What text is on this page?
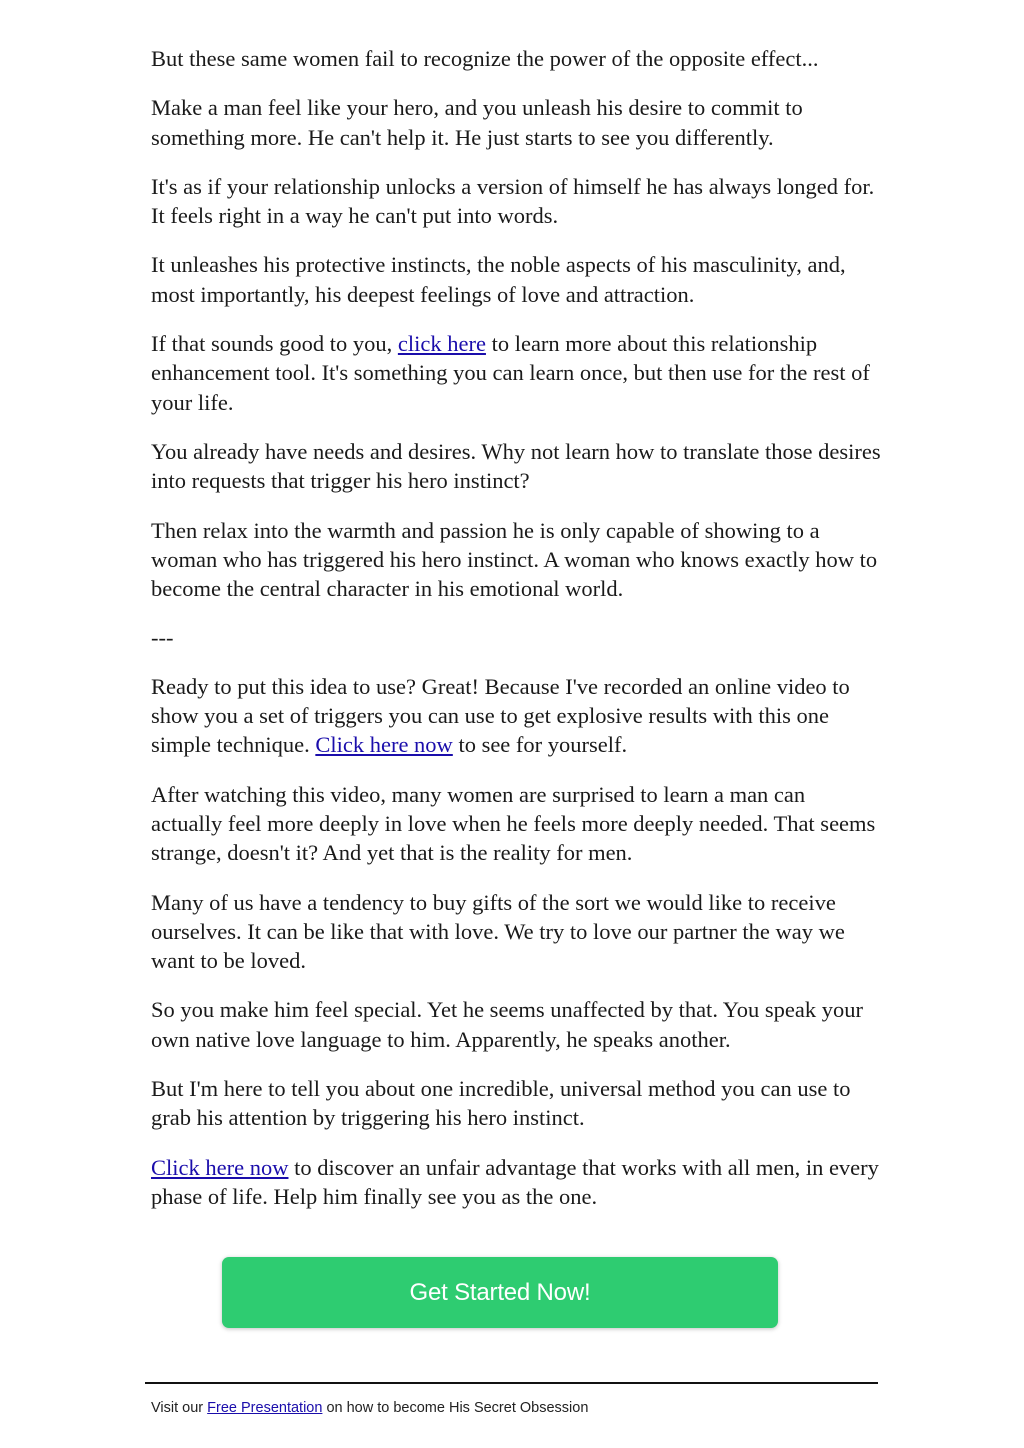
But these same women fail to recognize the power of the opposite effect...

Make a man feel like your hero, and you unleash his desire to commit to something more. He can't help it. He just starts to see you differently.

It's as if your relationship unlocks a version of himself he has always longed for. It feels right in a way he can't put into words.

It unleashes his protective instincts, the noble aspects of his masculinity, and, most importantly, his deepest feelings of love and attraction.

If that sounds good to you, click here to learn more about this relationship enhancement tool. It's something you can learn once, but then use for the rest of your life.

You already have needs and desires. Why not learn how to translate those desires into requests that trigger his hero instinct?

Then relax into the warmth and passion he is only capable of showing to a woman who has triggered his hero instinct. A woman who knows exactly how to become the central character in his emotional world.

---

Ready to put this idea to use? Great! Because I've recorded an online video to show you a set of triggers you can use to get explosive results with this one simple technique. Click here now to see for yourself.

After watching this video, many women are surprised to learn a man can actually feel more deeply in love when he feels more deeply needed. That seems strange, doesn't it? And yet that is the reality for men.

Many of us have a tendency to buy gifts of the sort we would like to receive ourselves. It can be like that with love. We try to love our partner the way we want to be loved.

So you make him feel special. Yet he seems unaffected by that. You speak your own native love language to him. Apparently, he speaks another.

But I'm here to tell you about one incredible, universal method you can use to grab his attention by triggering his hero instinct.

Click here now to discover an unfair advantage that works with all men, in every phase of life. Help him finally see you as the one.

Get Started Now!
Visit our Free Presentation on how to become His Secret Obsession
